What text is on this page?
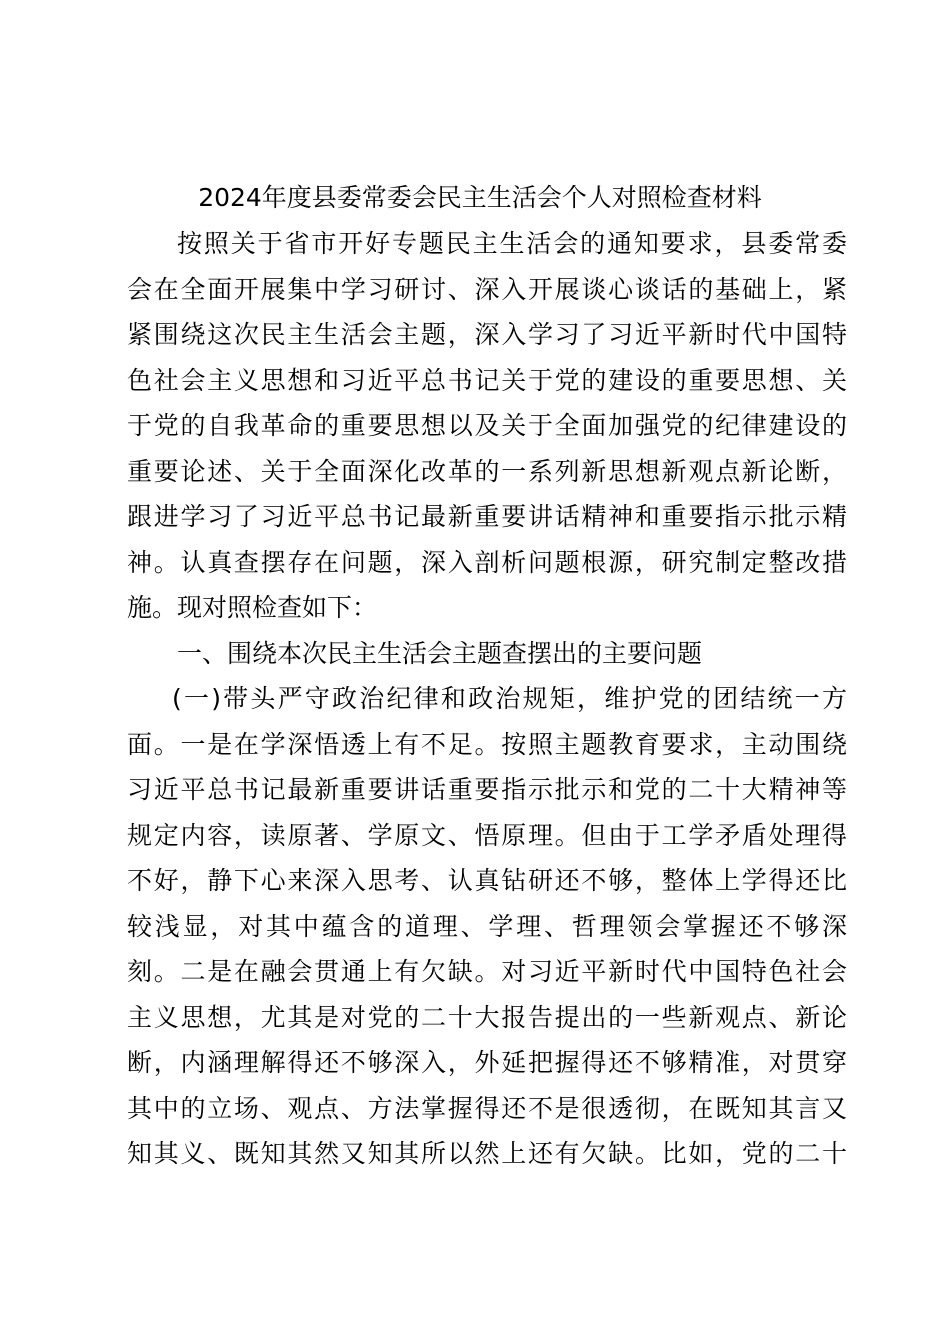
2024年度县委常委会民主生活会个人对照检查材料
按照关于省市开好专题民主生活会的通知要求，县委常委
会在全面开展集中学习研讨、深入开展谈心谈话的基础上，紧
紧围绕这次民主生活会主题，深入学习了习近平新时代中国特
色社会主义思想和习近平总书记关于党的建设的重要思想、关
于党的自我革命的重要思想以及关于全面加强党的纪律建设的
重要论述、关于全面深化改革的一系列新思想新观点新论断，
跟进学习了习近平总书记最新重要讲话精神和重要指示批示精
神。认真查摆存在问题，深入剖析问题根源，研究制定整改措
施。现对照检查如下：
一、围绕本次民主生活会主题查摆出的主要问题
(一)带头严守政治纪律和政治规矩，维护党的团结统一方
面。一是在学深悟透上有不足。按照主题教育要求，主动围绕
习近平总书记最新重要讲话重要指示批示和党的二十大精神等
规定内容，读原著、学原文、悟原理。但由于工学矛盾处理得
不好，静下心来深入思考、认真钻研还不够，整体上学得还比
较浅显，对其中蕴含的道理、学理、哲理领会掌握还不够深
刻。二是在融会贯通上有欠缺。对习近平新时代中国特色社会
主义思想，尤其是对党的二十大报告提出的一些新观点、新论
断，内涵理解得还不够深入，外延把握得还不够精准，对贯穿
其中的立场、观点、方法掌握得还不是很透彻，在既知其言又
知其义、既知其然又知其所以然上还有欠缺。比如，党的二十
